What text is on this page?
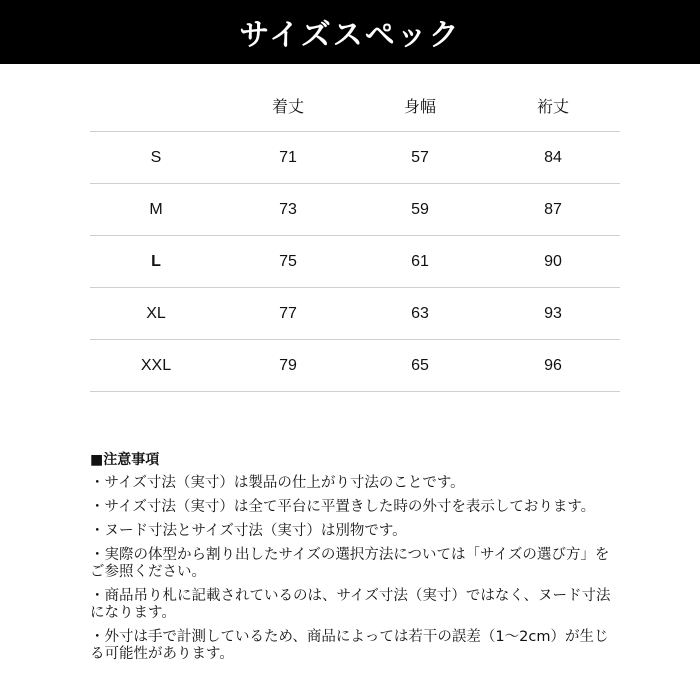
サイズスペック
	着丈	身幅	裄丈
S	71	57	84
M	73	59	87
L	75	61	90
XL	77	63	93
XXL	79	65	96

■注意事項

・サイズ寸法（実寸）は製品の仕上がり寸法のことです。

・サイズ寸法（実寸）は全て平台に平置きした時の外寸を表示しております。

・ヌード寸法とサイズ寸法（実寸）は別物です。

・実際の体型から割り出したサイズの選択方法については「サイズの選び方」をご参照ください。

・商品吊り札に記載されているのは、サイズ寸法（実寸）ではなく、ヌード寸法になります。

・外寸は手で計測しているため、商品によっては若干の誤差（1〜2cm）が生じる可能性があります。
